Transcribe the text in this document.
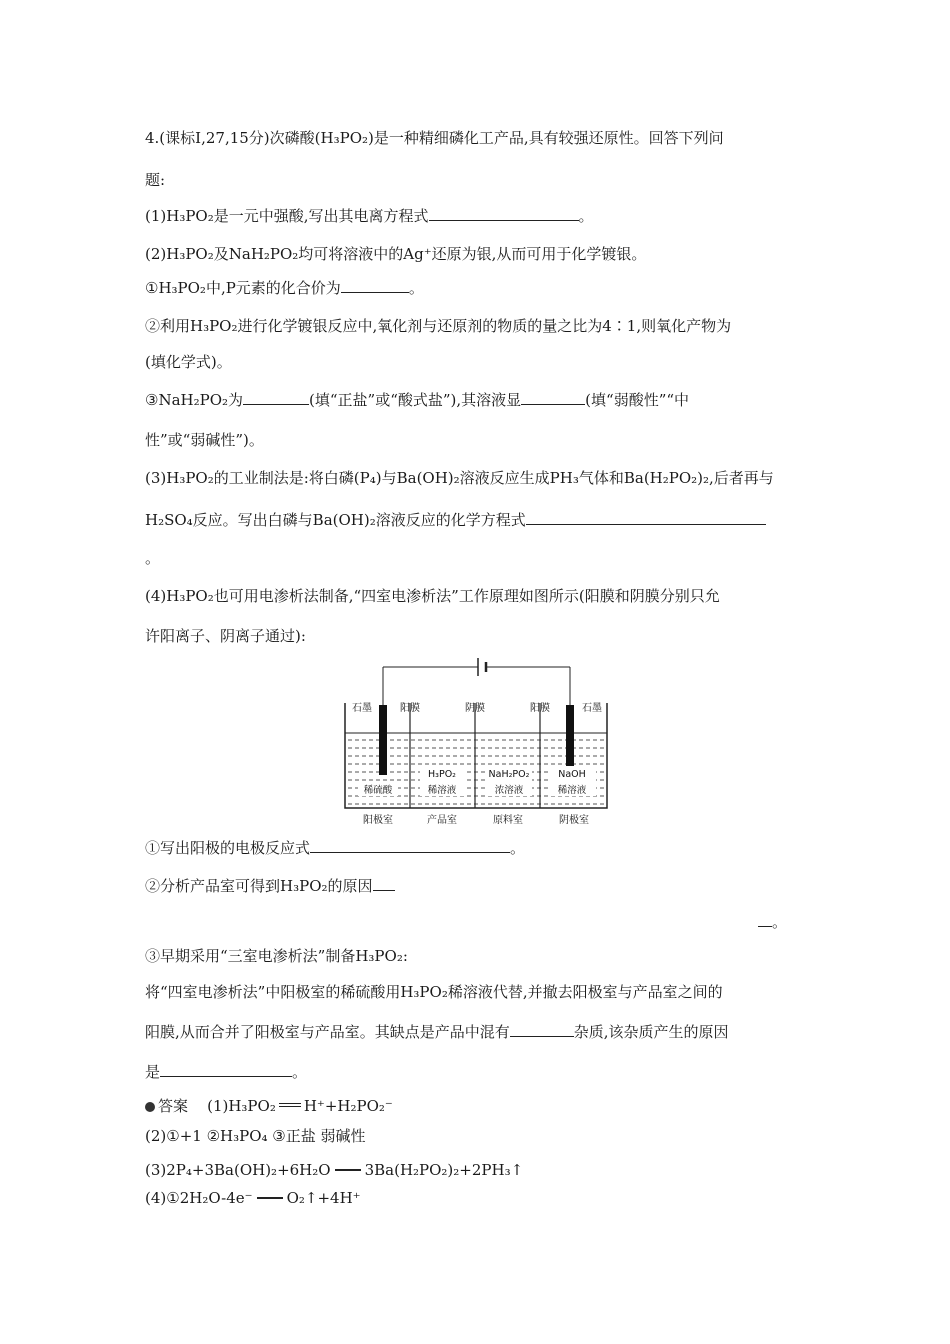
4.(课标Ⅰ,27,15分)次磷酸(H₃PO₂)是一种精细磷化工产品,具有较强还原性。回答下列问
题:
(1)H₃PO₂是一元中强酸,写出其电离方程式	。
(2)H₃PO₂及NaH₂PO₂均可将溶液中的Ag⁺还原为银,从而可用于化学镀银。
①H₃PO₂中,P元素的化合价为	。
②利用H₃PO₂进行化学镀银反应中,氧化剂与还原剂的物质的量之比为4∶1,则氧化产物为
(填化学式)。
③NaH₂PO₂为	(填“正盐”或“酸式盐”),其溶液显	(填“弱酸性”“中
性”或“弱碱性”)。
(3)H₃PO₂的工业制法是:将白磷(P₄)与Ba(OH)₂溶液反应生成PH₃气体和Ba(H₂PO₂)₂,后者再与
H₂SO₄反应。写出白磷与Ba(OH)₂溶液反应的化学方程式
。
(4)H₃PO₂也可用电渗析法制备,“四室电渗析法”工作原理如图所示(阳膜和阴膜分别只允
许阳离子、阴离子通过):
石墨	阳膜	阴膜	阳膜	石墨
稀硫酸
H₃PO₂
稀溶液
NaH₂PO₂
浓溶液
NaOH
稀溶液
阳极室	产品室	原料室	阴极室
①写出阳极的电极反应式	。
②分析产品室可得到H₃PO₂的原因
。
③早期采用“三室电渗析法”制备H₃PO₂:
将“四室电渗析法”中阳极室的稀硫酸用H₃PO₂稀溶液代替,并撤去阳极室与产品室之间的
阳膜,从而合并了阳极室与产品室。其缺点是产品中混有	杂质,该杂质产生的原因
是	。
答案 (1)H₃PO₂ H⁺+H₂PO₂⁻
(2)①+1 ②H₃PO₄ ③正盐 弱碱性
(3)2P₄+3Ba(OH)₂+6H₂O 3Ba(H₂PO₂)₂+2PH₃↑
(4)①2H₂O-4e⁻ O₂↑+4H⁺
